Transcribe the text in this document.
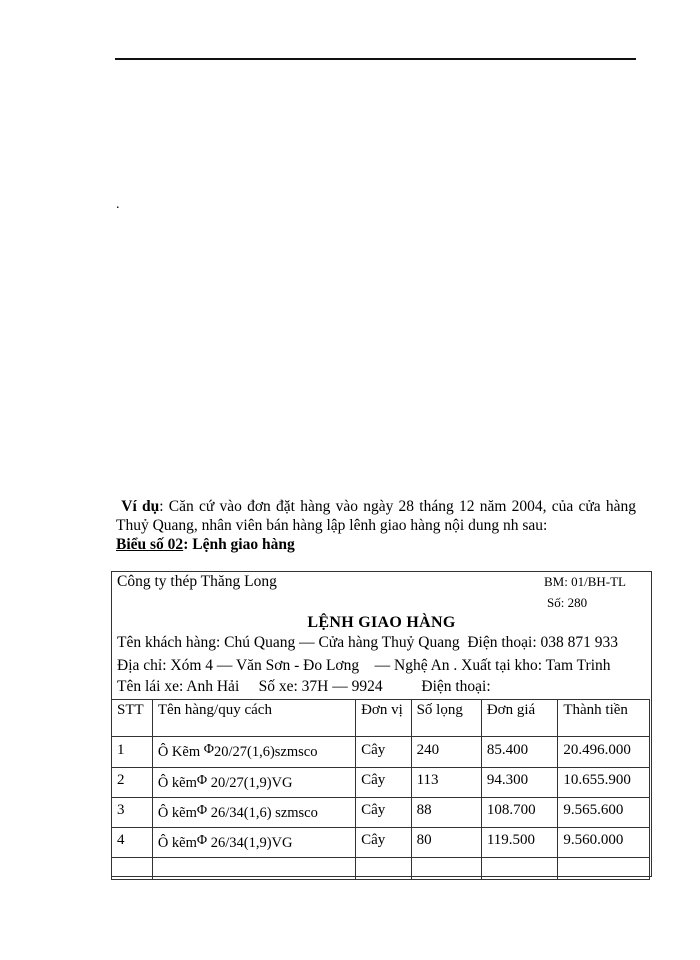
.

Ví dụ: Căn cứ vào đơn đặt hàng vào ngày 28 tháng 12 năm 2004, của cửa hàng Thuỷ Quang, nhân viên bán hàng lập lênh giao hàng nội dung nh sau:

Biểu số 02: Lệnh giao hàng
Công ty thép Thăng Long	BM: 01/BH-TL
Số: 280
LỆNH GIAO HÀNG
Tên khách hàng: Chú Quang — Cửa hàng Thuỷ Quang  Điện thoại: 038 871 933
Địa chỉ: Xóm 4 — Văn Sơn - Đo Lơng    — Nghệ An . Xuất tại kho: Tam Trinh
Tên lái xe: Anh Hải     Số xe: 37H — 9924          Điện thoại:
STT	Tên hàng/quy cách	Đơn vị	Số lọng	Đơn giá	Thành tiền
1	Ô Kẽm Φ20/27(1,6)szmsco	Cây	240	85.400	20.496.000
2	Ô kẽmΦ 20/27(1,9)VG	Cây	113	94.300	10.655.900
3	Ô kẽmΦ 26/34(1,6) szmsco	Cây	88	108.700	9.565.600
4	Ô kẽmΦ 26/34(1,9)VG	Cây	80	119.500	9.560.000
